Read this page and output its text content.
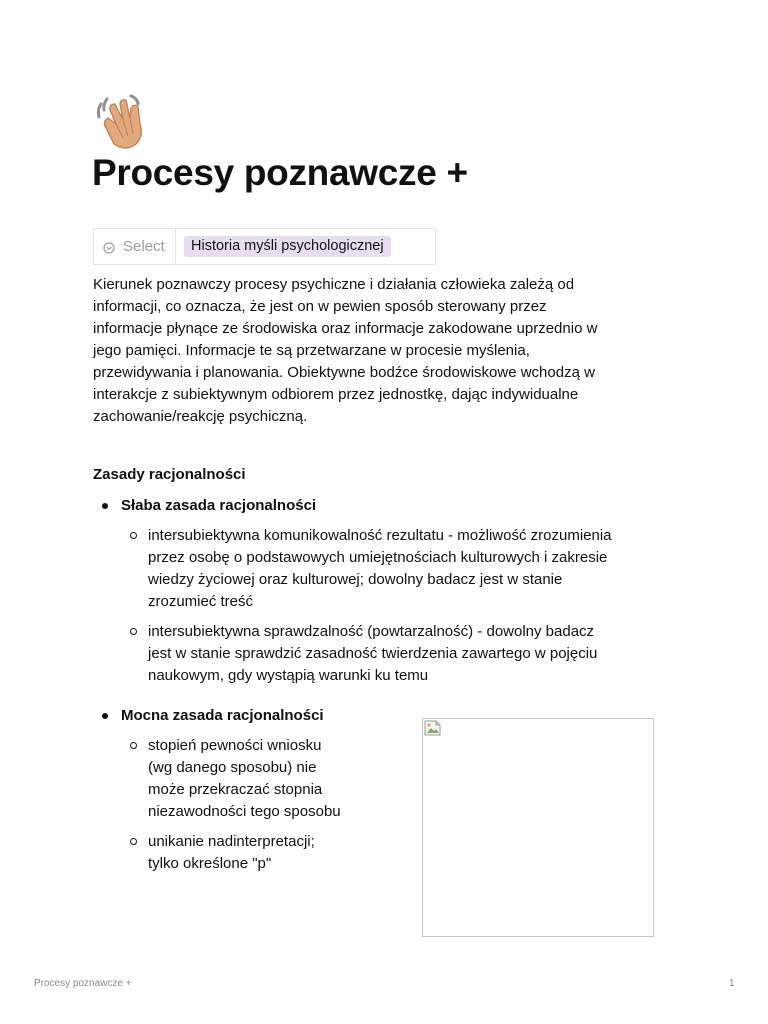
Procesy poznawcze +
Select	Historia myśli psychologicznej

Kierunek poznawczy procesy psychiczne i działania człowieka zależą od
informacji, co oznacza, że jest on w pewien sposób sterowany przez
informacje płynące ze środowiska oraz informacje zakodowane uprzednio w
jego pamięci. Informacje te są przetwarzane w procesie myślenia,
przewidywania i planowania. Obiektywne bodźce środowiskowe wchodzą w
interakcje z subiektywnym odbiorem przez jednostkę, dając indywidualne
zachowanie/reakcję psychiczną.

Zasady racjonalności

Słaba zasada racjonalności

intersubiektywna komunikowalność rezultatu - możliwość zrozumienia
przez osobę o podstawowych umiejętnościach kulturowych i zakresie
wiedzy życiowej oraz kulturowej; dowolny badacz jest w stanie
zrozumieć treść

intersubiektywna sprawdzalność (powtarzalność) - dowolny badacz
jest w stanie sprawdzić zasadność twierdzenia zawartego w pojęciu
naukowym, gdy wystąpią warunki ku temu

Mocna zasada racjonalności

stopień pewności wniosku
(wg danego sposobu) nie
może przekraczać stopnia
niezawodności tego sposobu

unikanie nadinterpretacji;
tylko określone "p"

Procesy poznawcze +	1
